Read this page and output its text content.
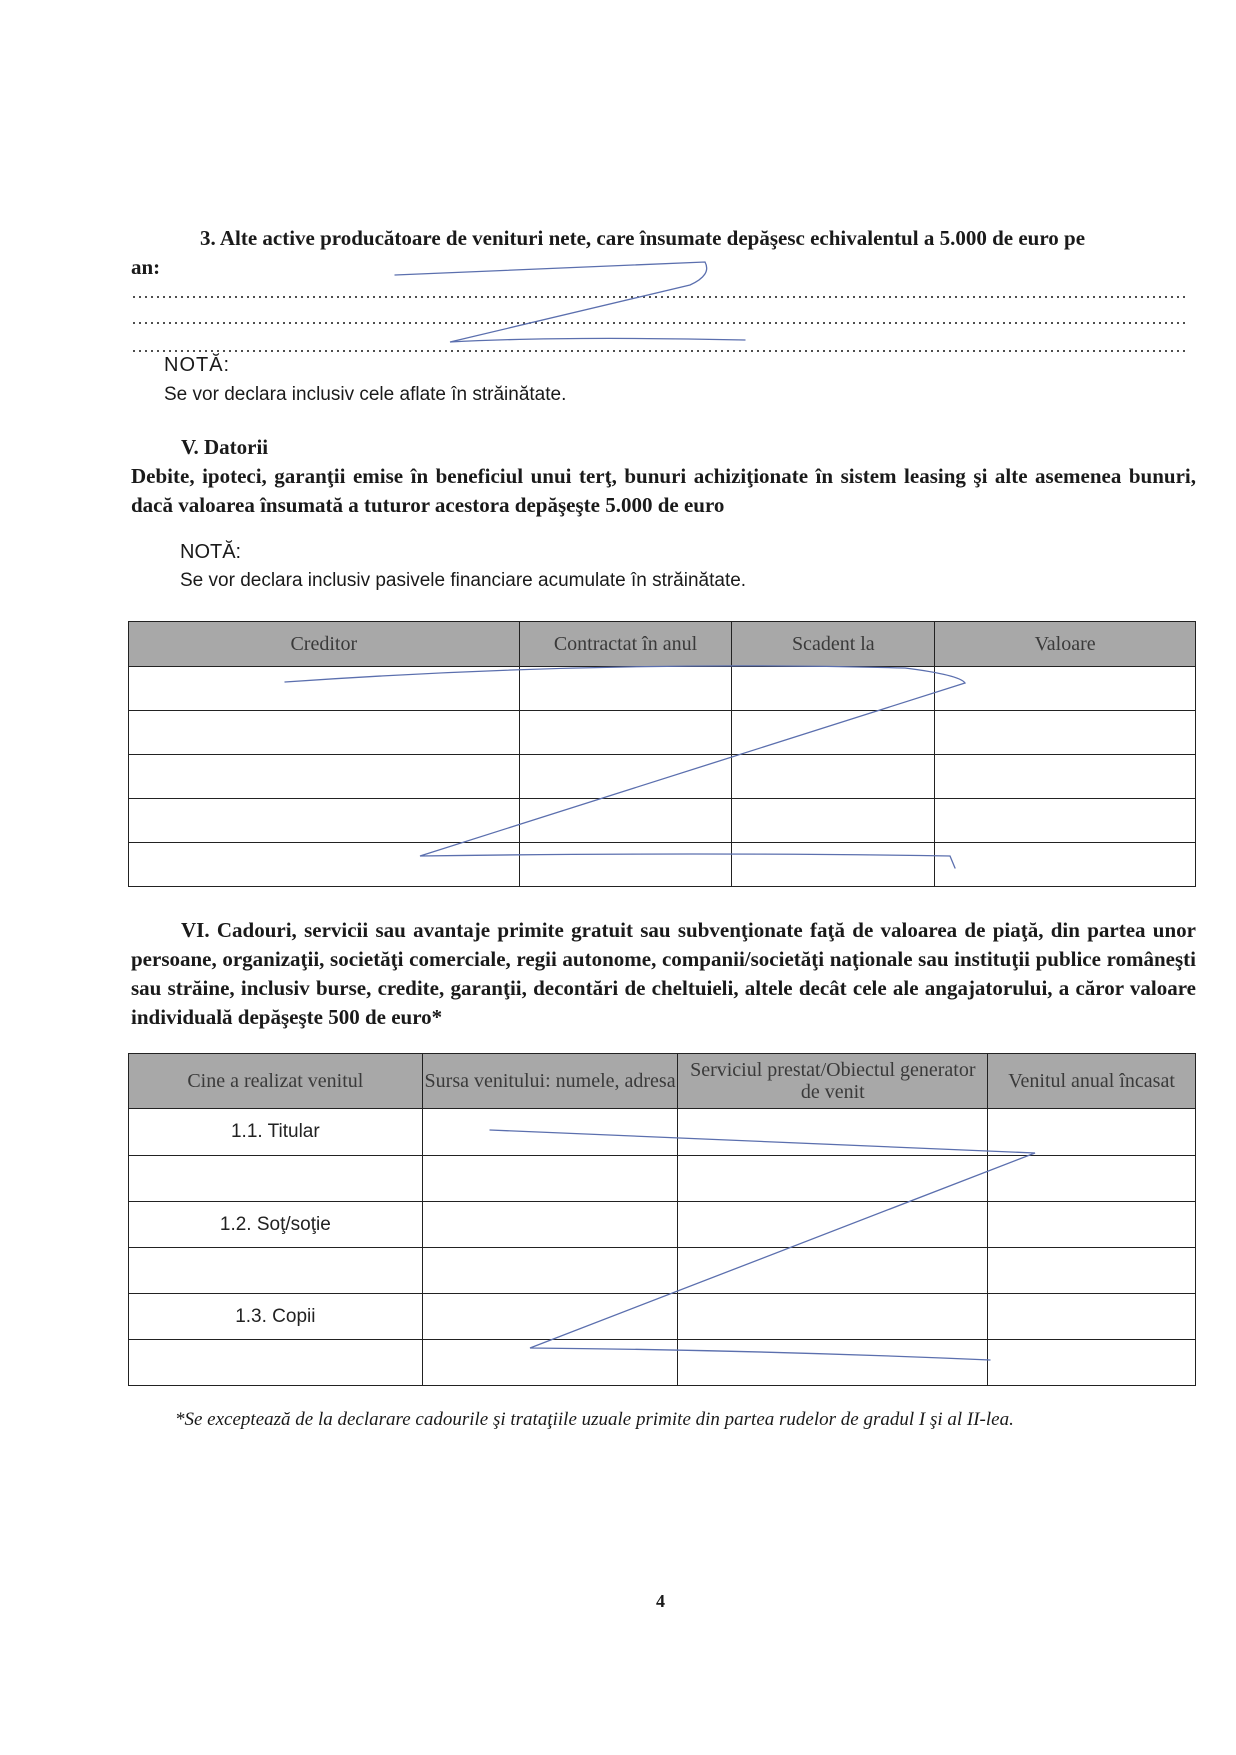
3. Alte active producătoare de venituri nete, care însumate depăşesc echivalentul a 5.000 de euro pe
an:
NOTĂ:
Se vor declara inclusiv cele aflate în străinătate.
V. Datorii
Debite, ipoteci, garanţii emise în beneficiul unui terţ, bunuri achiziţionate în sistem leasing şi alte asemenea bunuri, dacă valoarea însumată a tuturor acestora depăşeşte 5.000 de euro
NOTĂ:
Se vor declara inclusiv pasivele financiare acumulate în străinătate.
Creditor	Contractat în anul	Scadent la	Valoare

VI. Cadouri, servicii sau avantaje primite gratuit sau subvenţionate faţă de valoarea de piaţă, din partea unor persoane, organizaţii, societăţi comerciale, regii autonome, companii/societăţi naţionale sau instituţii publice româneşti sau străine, inclusiv burse, credite, garanţii, decontări de cheltuieli, altele decât cele ale angajatorului, a căror valoare individuală depăşeşte 500 de euro*
Cine a realizat venitul	Sursa venitului: numele, adresa	Serviciul prestat/Obiectul generator de venit	Venitul anual încasat
1.1. Titular			

1.2. Soţ/soţie			

1.3. Copii			

*Se exceptează de la declarare cadourile şi trataţiile uzuale primite din partea rudelor de gradul I şi al II-lea.
4
